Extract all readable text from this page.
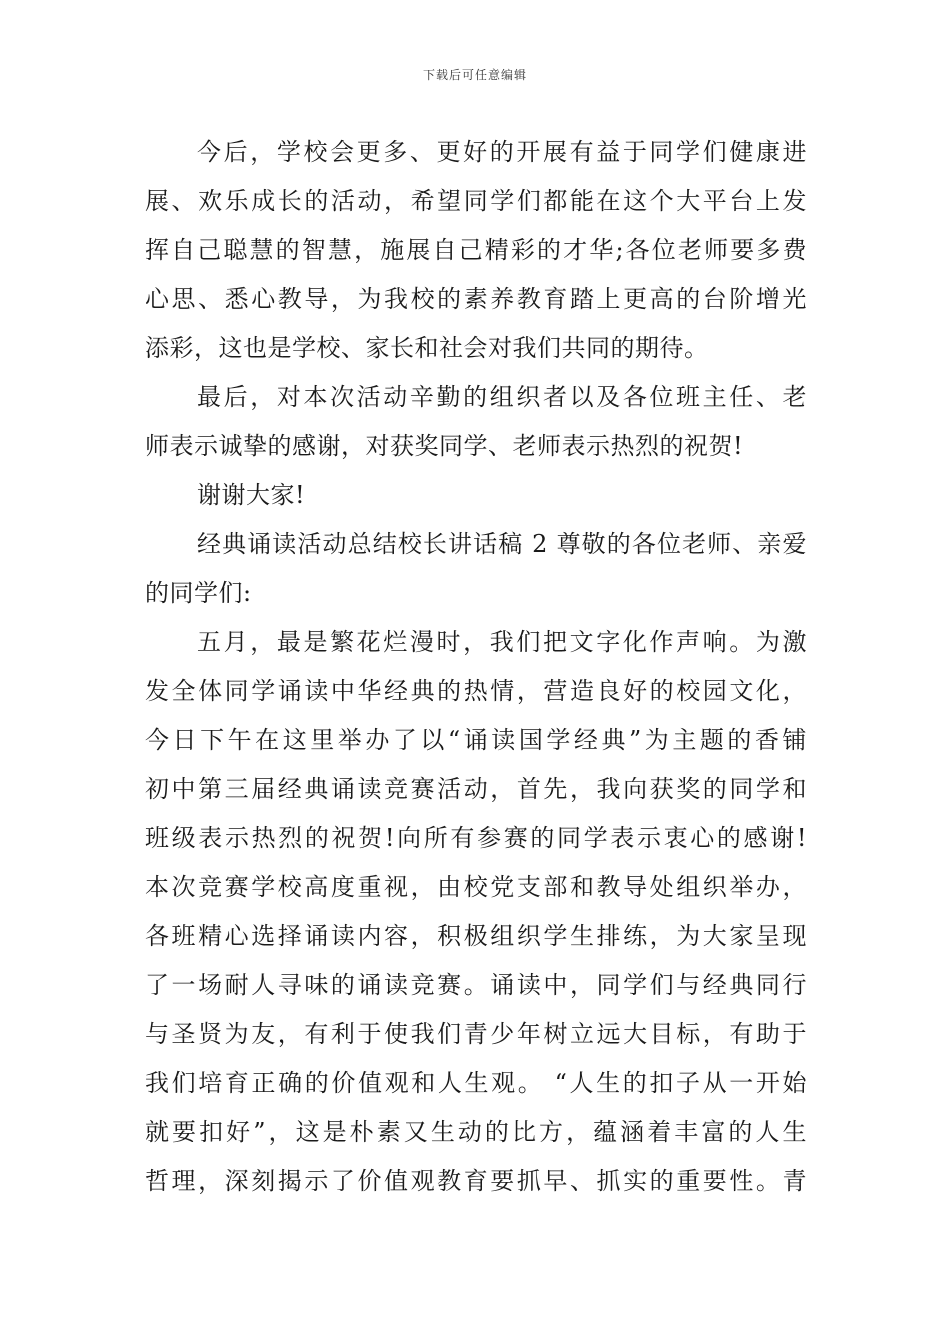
下载后可任意编辑
今后，学校会更多、更好的开展有益于同学们健康进
展、欢乐成长的活动，希望同学们都能在这个大平台上发
挥自己聪慧的智慧，施展自己精彩的才华;各位老师要多费
心思、悉心教导，为我校的素养教育踏上更高的台阶增光
添彩，这也是学校、家长和社会对我们共同的期待。
最后，对本次活动辛勤的组织者以及各位班主任、老
师表示诚挚的感谢，对获奖同学、老师表示热烈的祝贺!
谢谢大家!
经典诵读活动总结校长讲话稿 2 尊敬的各位老师、亲爱
的同学们:
五月，最是繁花烂漫时，我们把文字化作声响。为激
发全体同学诵读中华经典的热情，营造良好的校园文化，
今日下午在这里举办了以“诵读国学经典”为主题的香铺
初中第三届经典诵读竞赛活动，首先，我向获奖的同学和
班级表示热烈的祝贺!向所有参赛的同学表示衷心的感谢!
本次竞赛学校高度重视，由校党支部和教导处组织举办，
各班精心选择诵读内容，积极组织学生排练，为大家呈现
了一场耐人寻味的诵读竞赛。诵读中，同学们与经典同行
与圣贤为友，有利于使我们青少年树立远大目标，有助于
我们培育正确的价值观和人生观。 “人生的扣子从一开始
就要扣好”，这是朴素又生动的比方，蕴涵着丰富的人生
哲理，深刻揭示了价值观教育要抓早、抓实的重要性。青
